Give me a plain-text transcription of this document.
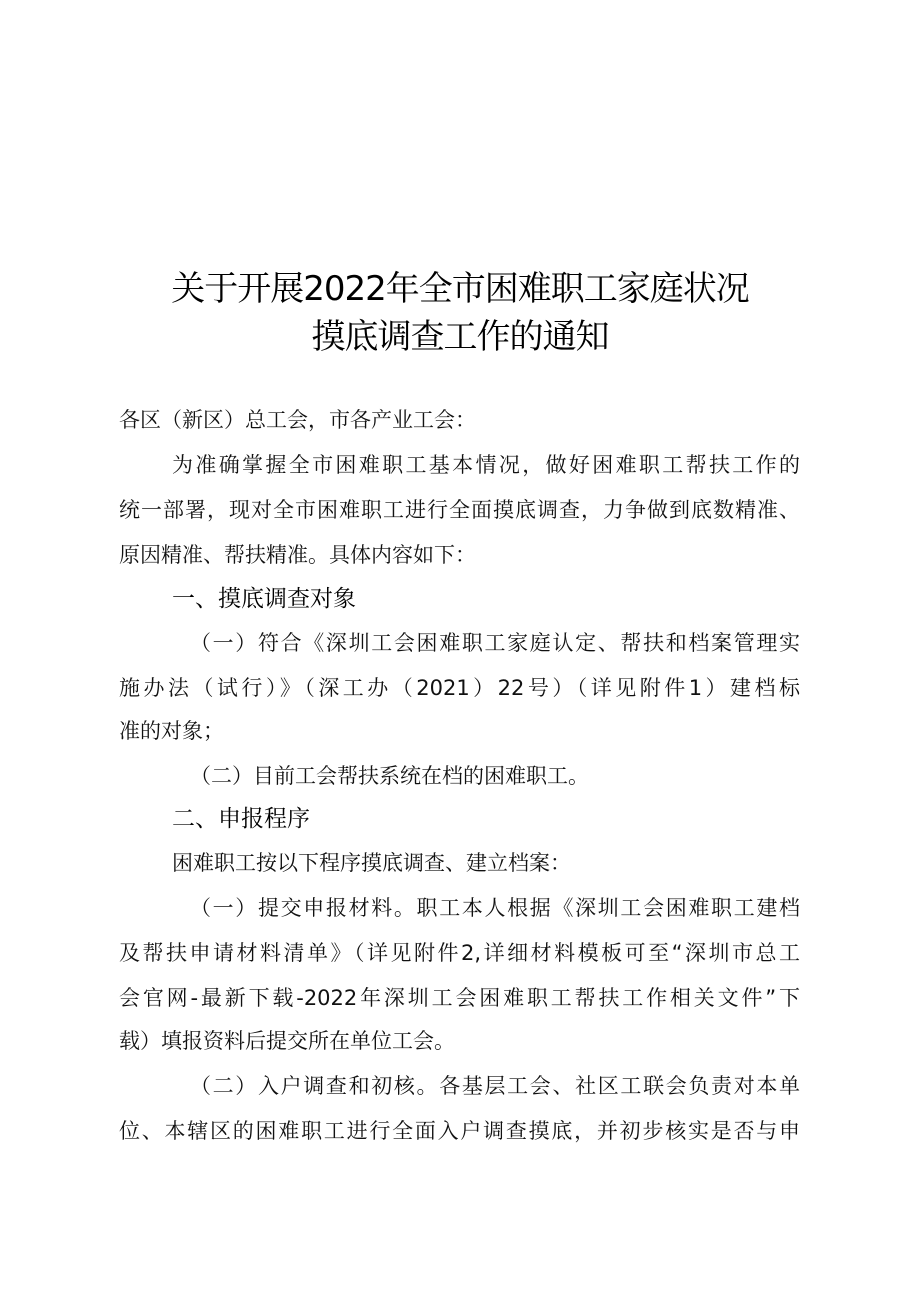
关于开展2022年全市困难职工家庭状况
摸底调查工作的通知
各区（新区）总工会，市各产业工会：
为准确掌握全市困难职工基本情况，做好困难职工帮扶工作的
统一部署，现对全市困难职工进行全面摸底调查，力争做到底数精准、
原因精准、帮扶精准。具体内容如下：
一、摸底调查对象
（一）符合《深圳工会困难职工家庭认定、帮扶和档案管理实
施办法（试行）》（深工办（2021）22号）（详见附件1）建档标
准的对象；
（二）目前工会帮扶系统在档的困难职工。
二、申报程序
困难职工按以下程序摸底调查、建立档案：
（一）提交申报材料。职工本人根据《深圳工会困难职工建档
及帮扶申请材料清单》（详见附件2,详细材料模板可至“深圳市总工
会官网-最新下载-2022年深圳工会困难职工帮扶工作相关文件”下
载）填报资料后提交所在单位工会。
（二）入户调查和初核。各基层工会、社区工联会负责对本单
位、本辖区的困难职工进行全面入户调查摸底，并初步核实是否与申
